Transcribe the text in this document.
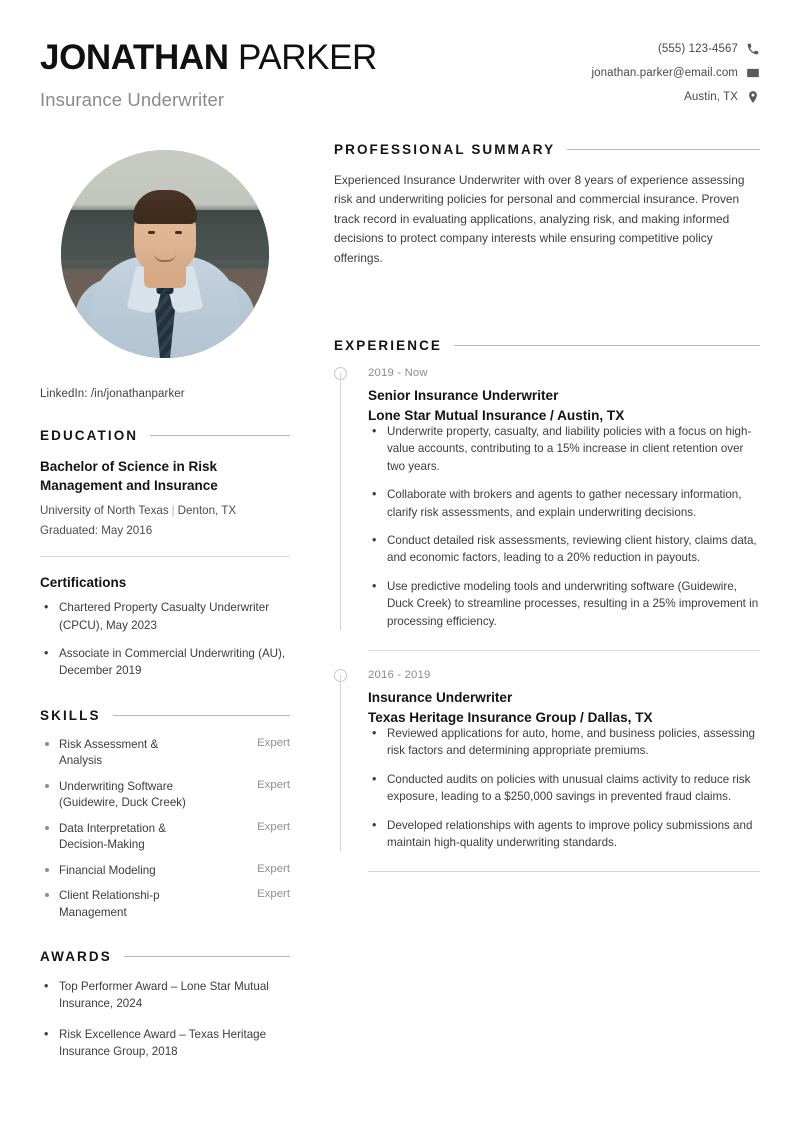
JONATHAN PARKER
Insurance Underwriter
(555) 123-4567
jonathan.parker@email.com
Austin, TX
LinkedIn: /in/jonathanparker
EDUCATION
Bachelor of Science in Risk Management and Insurance
University of North Texas | Denton, TX
Graduated: May 2016
Certifications
• Chartered Property Casualty Underwriter (CPCU), May 2023
• Associate in Commercial Underwriting (AU), December 2019
SKILLS
Risk Assessment & Analysis
Expert
Underwriting Software (Guidewire, Duck Creek)
Expert
Data Interpretation & Decision-Making
Expert
Financial Modeling	Expert
Client Relationshi-p Management
Expert
AWARDS
• Top Performer Award – Lone Star Mutual Insurance, 2024
• Risk Excellence Award – Texas Heritage Insurance Group, 2018
PROFESSIONAL SUMMARY
Experienced Insurance Underwriter with over 8 years of experience assessing risk and underwriting policies for personal and commercial insurance. Proven track record in evaluating applications, analyzing risk, and making informed decisions to protect company interests while ensuring competitive policy offerings.
EXPERIENCE
2019 - Now
Senior Insurance Underwriter
Lone Star Mutual Insurance / Austin, TX
• Underwrite property, casualty, and liability policies with a focus on high-value accounts, contributing to a 15% increase in client retention over two years.
• Collaborate with brokers and agents to gather necessary information, clarify risk assessments, and explain underwriting decisions.
• Conduct detailed risk assessments, reviewing client history, claims data, and economic factors, leading to a 20% reduction in payouts.
• Use predictive modeling tools and underwriting software (Guidewire, Duck Creek) to streamline processes, resulting in a 25% improvement in processing efficiency.
2016 - 2019
Insurance Underwriter
Texas Heritage Insurance Group / Dallas, TX
• Reviewed applications for auto, home, and business policies, assessing risk factors and determining appropriate premiums.
• Conducted audits on policies with unusual claims activity to reduce risk exposure, leading to a $250,000 savings in prevented fraud claims.
• Developed relationships with agents to improve policy submissions and maintain high-quality underwriting standards.
